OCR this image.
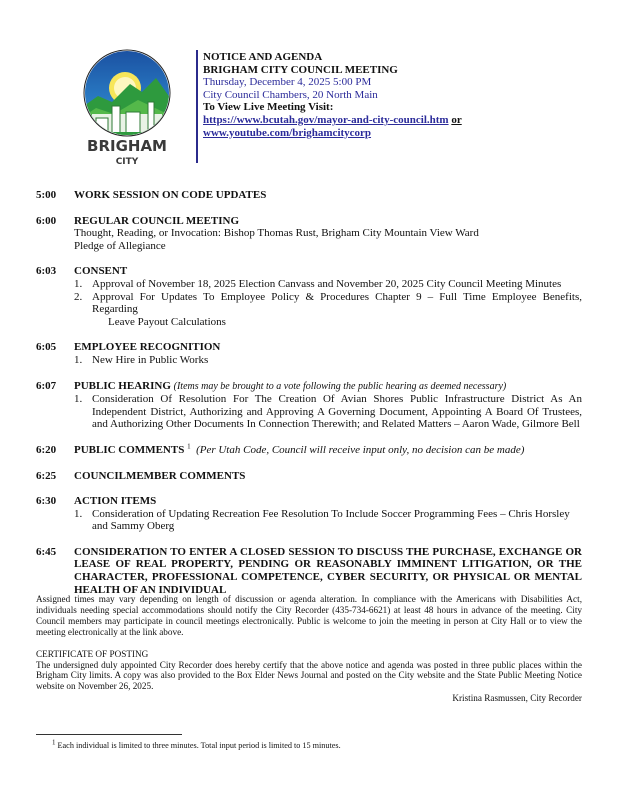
BRIGHAM
CITY
NOTICE AND AGENDA
BRIGHAM CITY COUNCIL MEETING
Thursday, December 4, 2025 5:00 PM
City Council Chambers, 20 North Main
To View Live Meeting Visit:
https://www.bcutah.gov/mayor-and-city-council.htm or
www.youtube.com/brighamcitycorp
5:00 WORK SESSION ON CODE UPDATES
6:00 REGULAR COUNCIL MEETING
Thought, Reading, or Invocation: Bishop Thomas Rust, Brigham City Mountain View Ward
Pledge of Allegiance
6:03 CONSENT
1. Approval of November 18, 2025 Election Canvass and November 20, 2025 City Council Meeting Minutes
2. Approval For Updates To Employee Policy & Procedures Chapter 9 – Full Time Employee Benefits, Regarding
Leave Payout Calculations
6:05 EMPLOYEE RECOGNITION
1. New Hire in Public Works
6:07 PUBLIC HEARING (Items may be brought to a vote following the public hearing as deemed necessary)
1. Consideration Of Resolution For The Creation Of Avian Shores Public Infrastructure District As An Independent District, Authorizing and Approving A Governing Document, Appointing A Board Of Trustees, and Authorizing Other Documents In Connection Therewith; and Related Matters – Aaron Wade, Gilmore Bell
6:20 PUBLIC COMMENTS $^1$ (Per Utah Code, Council will receive input only, no decision can be made)
6:25 COUNCILMEMBER COMMENTS
6:30 ACTION ITEMS
1. Consideration of Updating Recreation Fee Resolution To Include Soccer Programming Fees – Chris Horsley and Sammy Oberg
6:45 CONSIDERATION TO ENTER A CLOSED SESSION TO DISCUSS THE PURCHASE, EXCHANGE OR LEASE OF REAL PROPERTY, PENDING OR REASONABLY IMMINENT LITIGATION, OR THE CHARACTER, PROFESSIONAL COMPETENCE, CYBER SECURITY, OR PHYSICAL OR MENTAL HEALTH OF AN INDIVIDUAL
Assigned times may vary depending on length of discussion or agenda alteration. In compliance with the Americans with Disabilities Act, individuals needing special accommodations should notify the City Recorder (435-734-6621) at least 48 hours in advance of the meeting. City Council members may participate in council meetings electronically. Public is welcome to join the meeting in person at City Hall or to view the meeting electronically at the link above.
CERTIFICATE OF POSTING
The undersigned duly appointed City Recorder does hereby certify that the above notice and agenda was posted in three public places within the Brigham City limits. A copy was also provided to the Box Elder News Journal and posted on the City website and the State Public Meeting Notice website on November 26, 2025.
Kristina Rasmussen, City Recorder
$^1$ Each individual is limited to three minutes. Total input period is limited to 15 minutes.
